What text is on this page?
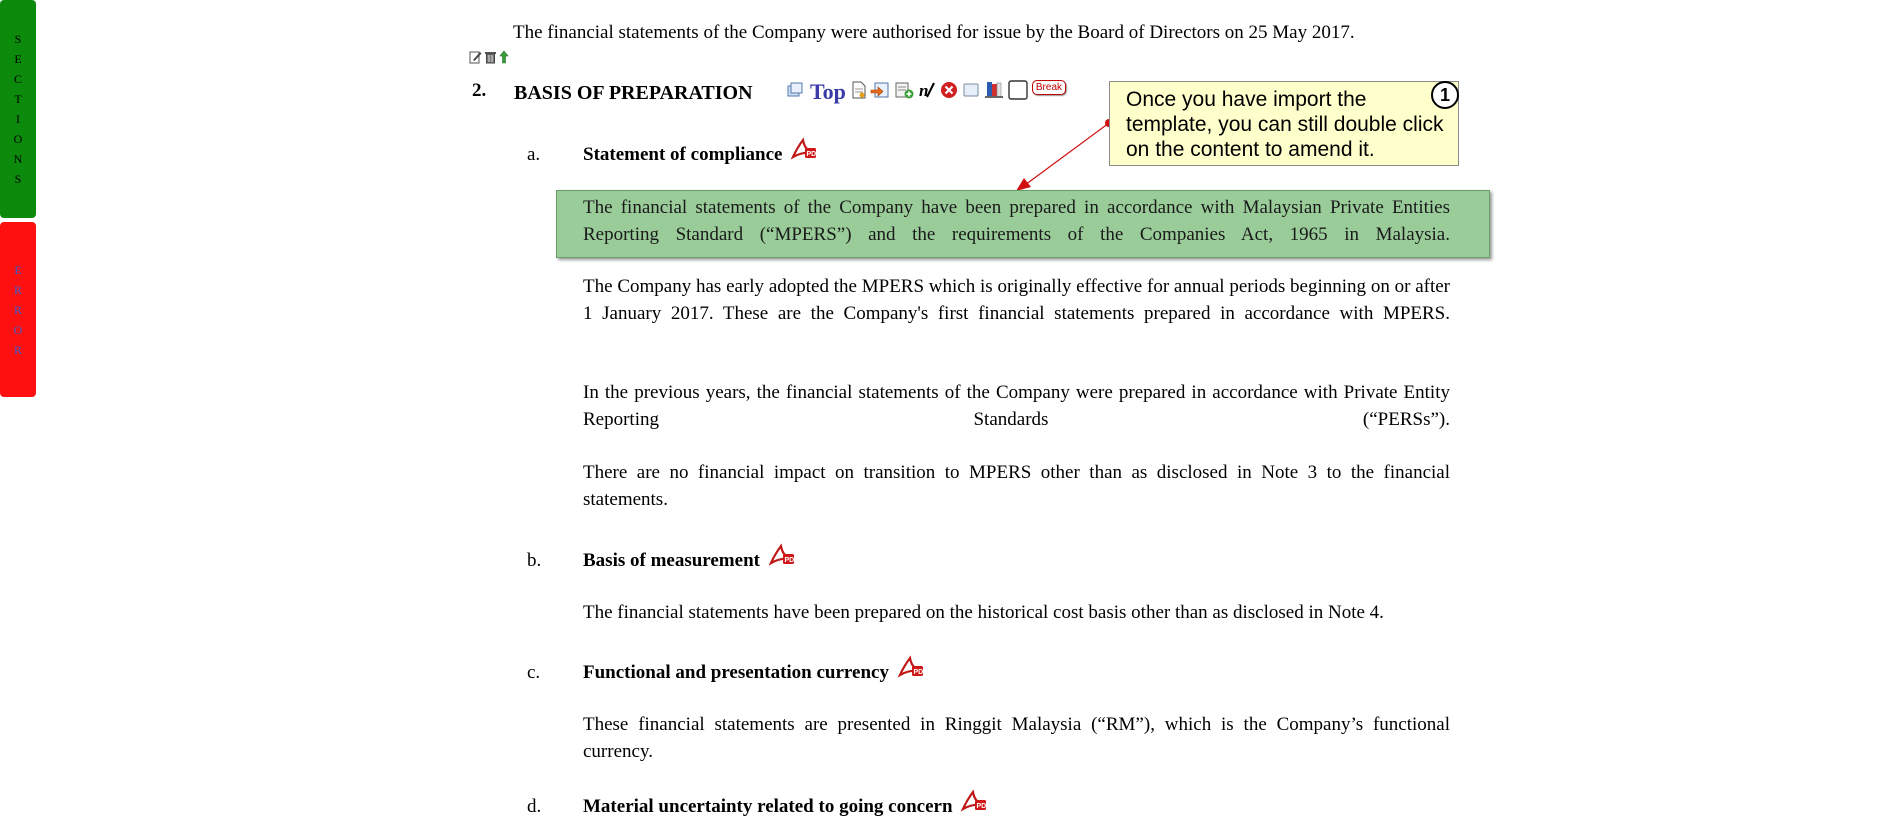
S
E
C
T
I
O
N
S
E
R
R
O
R
The financial statements of the Company were authorised for issue by the Board of Directors on 25 May 2017.
2. BASIS OF PREPARATION	Top	n	Break
Once you have import the template, you can still double click on the content to amend it.
1
a. Statement of compliance	PDF
The financial statements of the Company have been prepared in accordance with Malaysian Private Entities Reporting Standard (“MPERS”) and the requirements of the Companies Act, 1965 in Malaysia.
The Company has early adopted the MPERS which is originally effective for annual periods beginning on or after 1 January 2017. These are the Company's first financial statements prepared in accordance with MPERS.
In the previous years, the financial statements of the Company were prepared in accordance with Private Entity Reporting Standards (“PERSs”).
There are no financial impact on transition to MPERS other than as disclosed in Note 3 to the financial statements.
b. Basis of measurement	PDF
The financial statements have been prepared on the historical cost basis other than as disclosed in Note 4.
c. Functional and presentation currency	PDF
These financial statements are presented in Ringgit Malaysia (“RM”), which is the Company’s functional currency.
d. Material uncertainty related to going concern	PDF
